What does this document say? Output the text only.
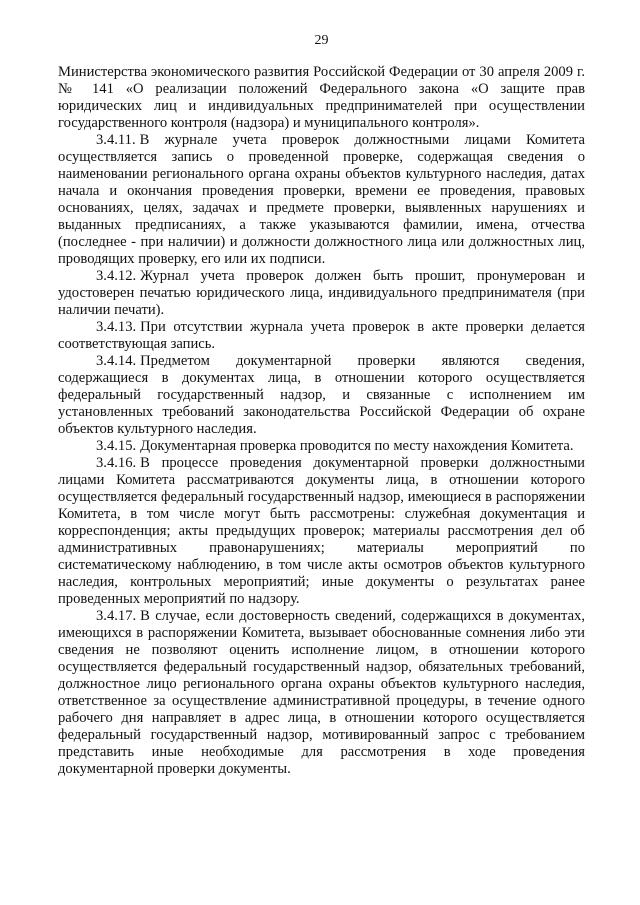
29

Министерства экономического развития Российской Федерации от 30 апреля 2009 г. № 141 «О реализации положений Федерального закона «О защите прав юридических лиц и индивидуальных предпринимателей при осуществлении государственного контроля (надзора) и муниципального контроля».

3.4.11. В журнале учета проверок должностными лицами Комитета осуществляется запись о проведенной проверке, содержащая сведения о наименовании регионального органа охраны объектов культурного наследия, датах начала и окончания проведения проверки, времени ее проведения, правовых основаниях, целях, задачах и предмете проверки, выявленных нарушениях и выданных предписаниях, а также указываются фамилии, имена, отчества (последнее - при наличии) и должности должностного лица или должностных лиц, проводящих проверку, его или их подписи.

3.4.12. Журнал учета проверок должен быть прошит, пронумерован и удостоверен печатью юридического лица, индивидуального предпринимателя (при наличии печати).

3.4.13. При отсутствии журнала учета проверок в акте проверки делается соответствующая запись.

3.4.14. Предметом документарной проверки являются сведения, содержащиеся в документах лица, в отношении которого осуществляется федеральный государственный надзор, и связанные с исполнением им установленных требований законодательства Российской Федерации об охране объектов культурного наследия.

3.4.15. Документарная проверка проводится по месту нахождения Комитета.

3.4.16. В процессе проведения документарной проверки должностными лицами Комитета рассматриваются документы лица, в отношении которого осуществляется федеральный государственный надзор, имеющиеся в распоряжении Комитета, в том числе могут быть рассмотрены: служебная документация и корреспонденция; акты предыдущих проверок; материалы рассмотрения дел об административных правонарушениях; материалы мероприятий по систематическому наблюдению, в том числе акты осмотров объектов культурного наследия, контрольных мероприятий; иные документы о результатах ранее проведенных мероприятий по надзору.

3.4.17. В случае, если достоверность сведений, содержащихся в документах, имеющихся в распоряжении Комитета, вызывает обоснованные сомнения либо эти сведения не позволяют оценить исполнение лицом, в отношении которого осуществляется федеральный государственный надзор, обязательных требований, должностное лицо регионального органа охраны объектов культурного наследия, ответственное за осуществление административной процедуры, в течение одного рабочего дня направляет в адрес лица, в отношении которого осуществляется федеральный государственный надзор, мотивированный запрос с требованием представить иные необходимые для рассмотрения в ходе проведения документарной проверки документы.
